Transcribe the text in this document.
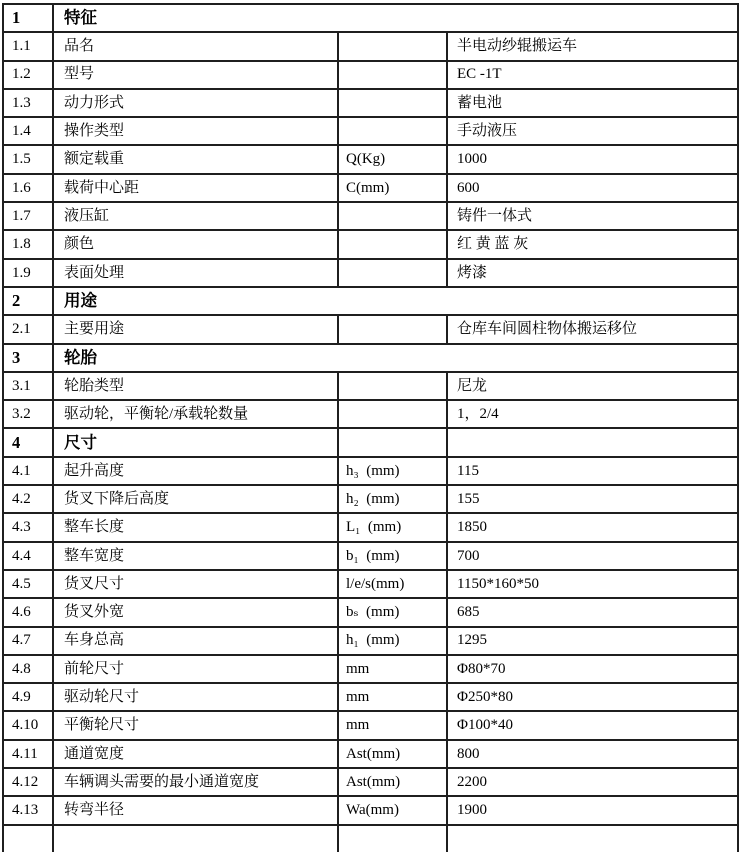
1	特征		
1.1	品名		半电动纱辊搬运车
1.2	型号		EC -1T
1.3	动力形式		蓄电池
1.4	操作类型		手动液压
1.5	额定载重	Q(Kg)	1000
1.6	载荷中心距	C(mm)	600
1.7	液压缸		铸件一体式
1.8	颜色		红 黄 蓝 灰
1.9	表面处理		烤漆
2	用途		
2.1	主要用途		仓库车间圆柱物体搬运移位
3	轮胎		
3.1	轮胎类型		尼龙
3.2	驱动轮，平衡轮/承载轮数量		1，2/4
4	尺寸		
4.1	起升高度	h₃  (mm)	115
4.2	货叉下降后高度	h₂  (mm)	155
4.3	整车长度	L₁  (mm)	1850
4.4	整车宽度	b₁  (mm)	700
4.5	货叉尺寸	l/e/s(mm)	1150*160*50
4.6	货叉外宽	bₛ  (mm)	685
4.7	车身总高	h₁  (mm)	1295
4.8	前轮尺寸	mm	Φ80*70
4.9	驱动轮尺寸	mm	Φ250*80
4.10	平衡轮尺寸	mm	Φ100*40
4.11	通道宽度	Ast(mm)	800
4.12	车辆调头需要的最小通道宽度	Ast(mm)	2200
4.13	转弯半径	Wa(mm)	1900
